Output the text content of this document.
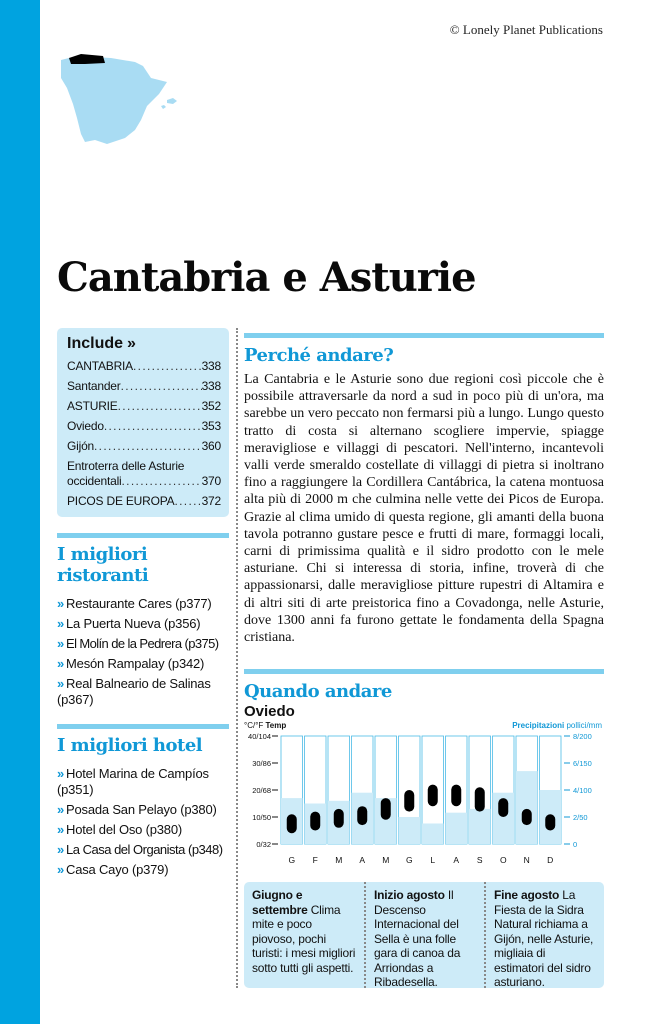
© Lonely Planet Publications
Cantabria e Asturie
Include »
CANTABRIA . . .	338
Santander . . .	338
ASTURIE . . .	352
Oviedo . . .	353
Gijón . . .	360
Entroterra delle Asturie
occidentali . . .	370
PICOS DE EUROPA . . . 372
I migliori ristoranti
» Restaurante Cares (p377)
» La Puerta Nueva (p356)
» El Molín de la Pedrera (p375)
» Mesón Rampalay (p342)
» Real Balneario de Salinas (p367)
I migliori hotel
» Hotel Marina de Campíos (p351)
» Posada San Pelayo (p380)
» Hotel del Oso (p380)
» La Casa del Organista (p348)
» Casa Cayo (p379)
Perché andare?

La Cantabria e le Asturie sono due regioni così piccole che è possibile attraversarle da nord a sud in poco più di un'ora, ma sarebbe un vero peccato non fermarsi più a lungo. Lungo questo tratto di costa si alternano scogliere impervie, spiagge meravigliose e villaggi di pescatori. Nell'interno, incantevoli valli verde smeraldo costellate di villaggi di pietra si inoltrano fino a raggiungere la Cordillera Cantábrica, la catena montuosa alta più di 2000 m che culmina nelle vette dei Picos de Europa. Grazie al clima umido di questa regione, gli amanti della buona tavola potranno gustare pesce e frutti di mare, formaggi locali, carni di primissima qualità e il sidro prodotto con le mele asturiane. Chi si interessa di storia, infine, troverà di che appassionarsi, dalle meravigliose pitture rupestri di Altamira e di altri siti di arte preistorica fino a Covadonga, nelle Asturie, dove 1300 anni fa furono gettate le fondamenta della Spagna cristiana.

Quando andare
Oviedo
°C/°F Temp	Precipitazioni pollici/mm
40/104
30/86
20/68
10/50
0/32
8/200
6/150
4/100
2/50
0
G F M A M G L A S O N D
Giugno e settembre Clima mite e poco piovoso, pochi turisti: i mesi migliori sotto tutti gli aspetti.
Inizio agosto Il Descenso Internacional del Sella è una folle gara di canoa da Arriondas a Ribadesella.
Fine agosto La Fiesta de la Sidra Natural richiama a Gijón, nelle Asturie, migliaia di estimatori del sidro asturiano.
